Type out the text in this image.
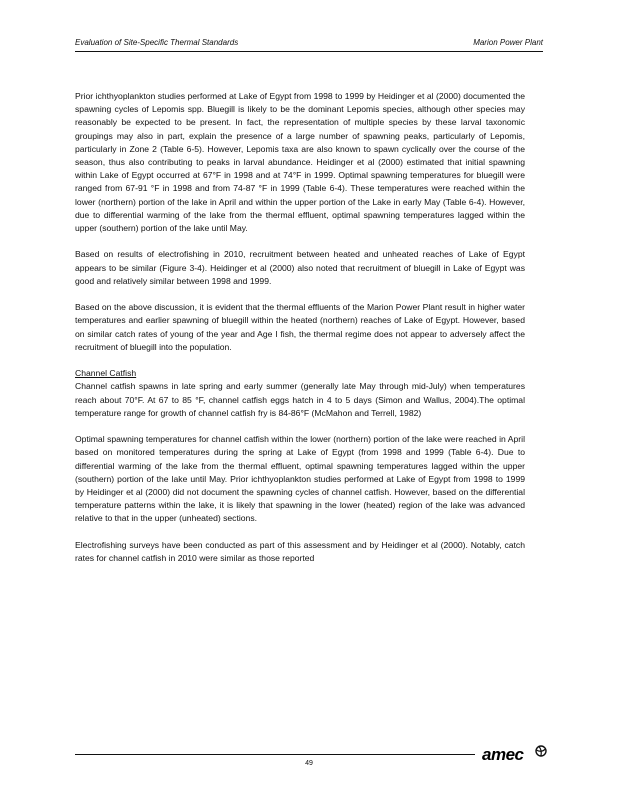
Evaluation of Site-Specific Thermal Standards	Marion Power Plant

Prior ichthyoplankton studies performed at Lake of Egypt from 1998 to 1999 by Heidinger et al (2000) documented the spawning cycles of Lepomis spp. Bluegill is likely to be the dominant Lepomis species, although other species may reasonably be expected to be present. In fact, the representation of multiple species by these larval taxonomic groupings may also in part, explain the presence of a large number of spawning peaks, particularly of Lepomis, particularly in Zone 2 (Table 6-5). However, Lepomis taxa are also known to spawn cyclically over the course of the season, thus also contributing to peaks in larval abundance. Heidinger et al (2000) estimated that initial spawning within Lake of Egypt occurred at 67°F in 1998 and at 74°F in 1999. Optimal spawning temperatures for bluegill were ranged from 67-91 °F in 1998 and from 74-87 °F in 1999 (Table 6-4). These temperatures were reached within the lower (northern) portion of the lake in April and within the upper portion of the Lake in early May (Table 6-4). However, due to differential warming of the lake from the thermal effluent, optimal spawning temperatures lagged within the upper (southern) portion of the lake until May.

Based on results of electrofishing in 2010, recruitment between heated and unheated reaches of Lake of Egypt appears to be similar (Figure 3-4). Heidinger et al (2000) also noted that recruitment of bluegill in Lake of Egypt was good and relatively similar between 1998 and 1999.

Based on the above discussion, it is evident that the thermal effluents of the Marion Power Plant result in higher water temperatures and earlier spawning of bluegill within the heated (northern) reaches of Lake of Egypt. However, based on similar catch rates of young of the year and Age I fish, the thermal regime does not appear to adversely affect the recruitment of bluegill into the population.

Channel Catfish
Channel catfish spawns in late spring and early summer (generally late May through mid-July) when temperatures reach about 70°F. At 67 to 85 °F, channel catfish eggs hatch in 4 to 5 days (Simon and Wallus, 2004).The optimal temperature range for growth of channel catfish fry is 84-86°F (McMahon and Terrell, 1982)

Optimal spawning temperatures for channel catfish within the lower (northern) portion of the lake were reached in April based on monitored temperatures during the spring at Lake of Egypt (from 1998 and 1999 (Table 6-4). Due to differential warming of the lake from the thermal effluent, optimal spawning temperatures lagged within the upper (southern) portion of the lake until May. Prior ichthyoplankton studies performed at Lake of Egypt from 1998 to 1999 by Heidinger et al (2000) did not document the spawning cycles of channel catfish. However, based on the differential temperature patterns within the lake, it is likely that spawning in the lower (heated) region of the lake was advanced relative to that in the upper (unheated) sections.

Electrofishing surveys have been conducted as part of this assessment and by Heidinger et al (2000). Notably, catch rates for channel catfish in 2010 were similar as those reported

49	amec
